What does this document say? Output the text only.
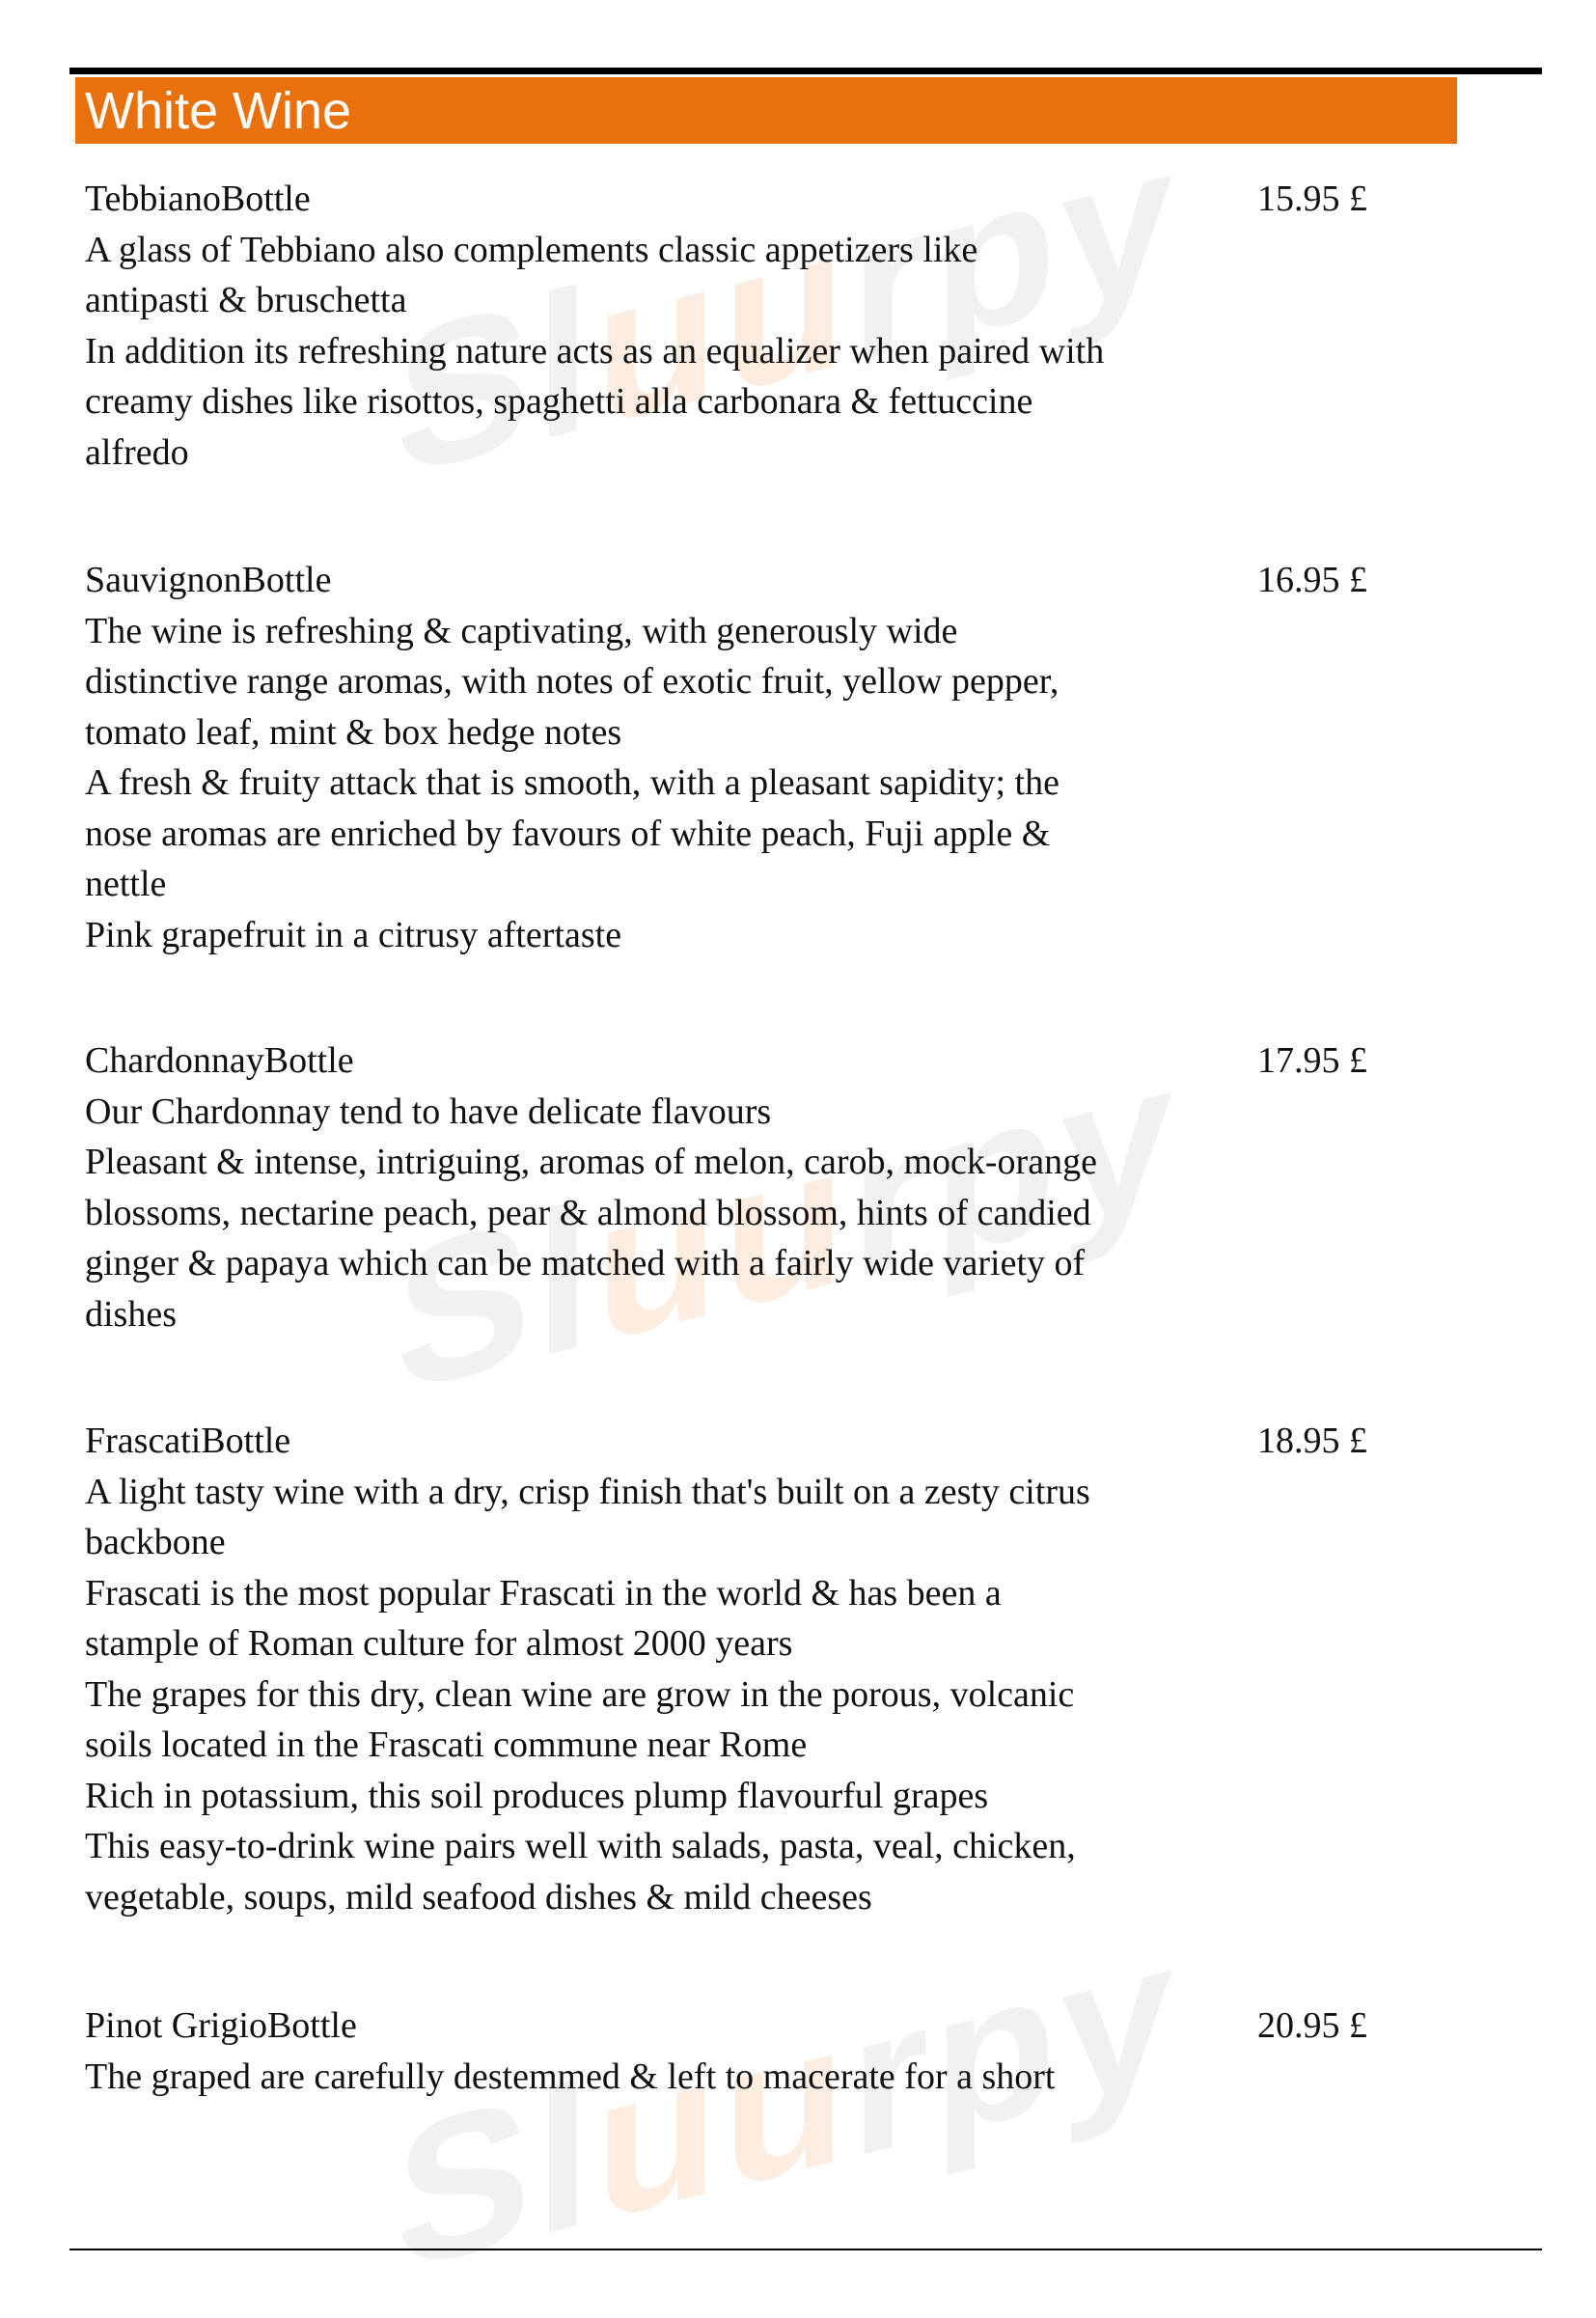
Sluurpy
Sluurpy
Sluurpy
White Wine
TebbianoBottle
A glass of Tebbiano also complements classic appetizers like
antipasti & bruschetta
In addition its refreshing nature acts as an equalizer when paired with
creamy dishes like risottos, spaghetti alla carbonara & fettuccine
alfredo
15.95 £
SauvignonBottle
The wine is refreshing & captivating, with generously wide
distinctive range aromas, with notes of exotic fruit, yellow pepper,
tomato leaf, mint & box hedge notes
A fresh & fruity attack that is smooth, with a pleasant sapidity; the
nose aromas are enriched by favours of white peach, Fuji apple &
nettle
Pink grapefruit in a citrusy aftertaste
16.95 £
ChardonnayBottle
Our Chardonnay tend to have delicate flavours
Pleasant & intense, intriguing, aromas of melon, carob, mock-orange
blossoms, nectarine peach, pear & almond blossom, hints of candied
ginger & papaya which can be matched with a fairly wide variety of
dishes
17.95 £
FrascatiBottle
A light tasty wine with a dry, crisp finish that's built on a zesty citrus
backbone
Frascati is the most popular Frascati in the world & has been a
stample of Roman culture for almost 2000 years
The grapes for this dry, clean wine are grow in the porous, volcanic
soils located in the Frascati commune near Rome
Rich in potassium, this soil produces plump flavourful grapes
This easy-to-drink wine pairs well with salads, pasta, veal, chicken,
vegetable, soups, mild seafood dishes & mild cheeses
18.95 £
Pinot GrigioBottle
The graped are carefully destemmed & left to macerate for a short
20.95 £
